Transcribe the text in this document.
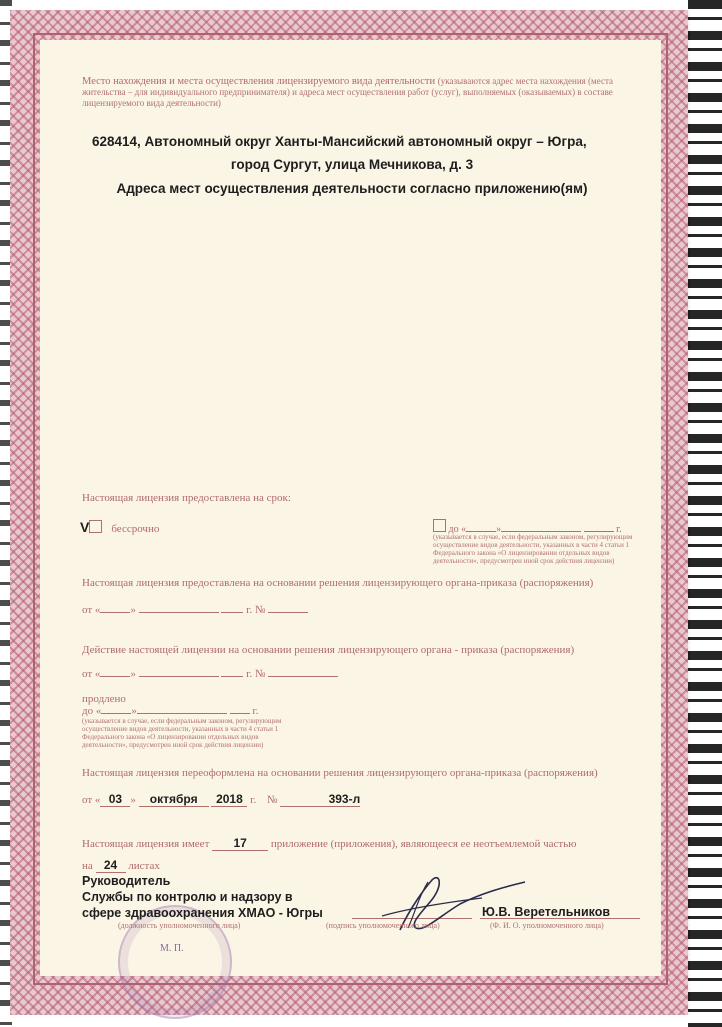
Место нахождения и места осуществления лицензируемого вида деятельности (указываются адрес места нахождения (места жительства – для индивидуального предпринимателя) и адреса мест осуществления работ (услуг), выполняемых (оказываемых) в составе лицензируемого вида деятельности)
628414, Автономный округ Ханты-Мансийский автономный округ – Югра,
город Сургут, улица Мечникова, д. 3
Адреса мест осуществления деятельности согласно приложению(ям)
Настоящая лицензия предоставлена на срок:
V бессрочно	до «	»	г.
(указывается в случае, если федеральным законом, регулирующим осуществление видов деятельности, указанных в части 4 статьи 1 Федерального закона «О лицензировании отдельных видов деятельности», предусмотрен иной срок действия лицензии)
Настоящая лицензия предоставлена на основании решения лицензирующего органа-приказа (распоряжения)
от «	»	г. №
Действие настоящей лицензии на основании решения лицензирующего органа - приказа (распоряжения)
от «	»	г. №
продлено
до «	»	г.
(указывается в случае, если федеральным законом, регулирующим осуществление видов деятельности, указанных в части 4 статьи 1 Федерального закона «О лицензировании отдельных видов деятельности», предусмотрен иной срок действия лицензии)
Настоящая лицензия переоформлена на основании решения лицензирующего органа-приказа (распоряжения)
от « 03 » октября 2018 г. №	393-л
Настоящая лицензия имеет 17 приложение (приложения), являющееся ее неотъемлемой частью
на 24 листах
М. П.
Руководитель
Службы по контролю и надзору в
сфере здравоохранения ХМАО - Югры	Ю.В. Веретельников
(должность уполномоченного лица)	(подпись уполномоченного лица)	(Ф. И. О. уполномоченного лица)
